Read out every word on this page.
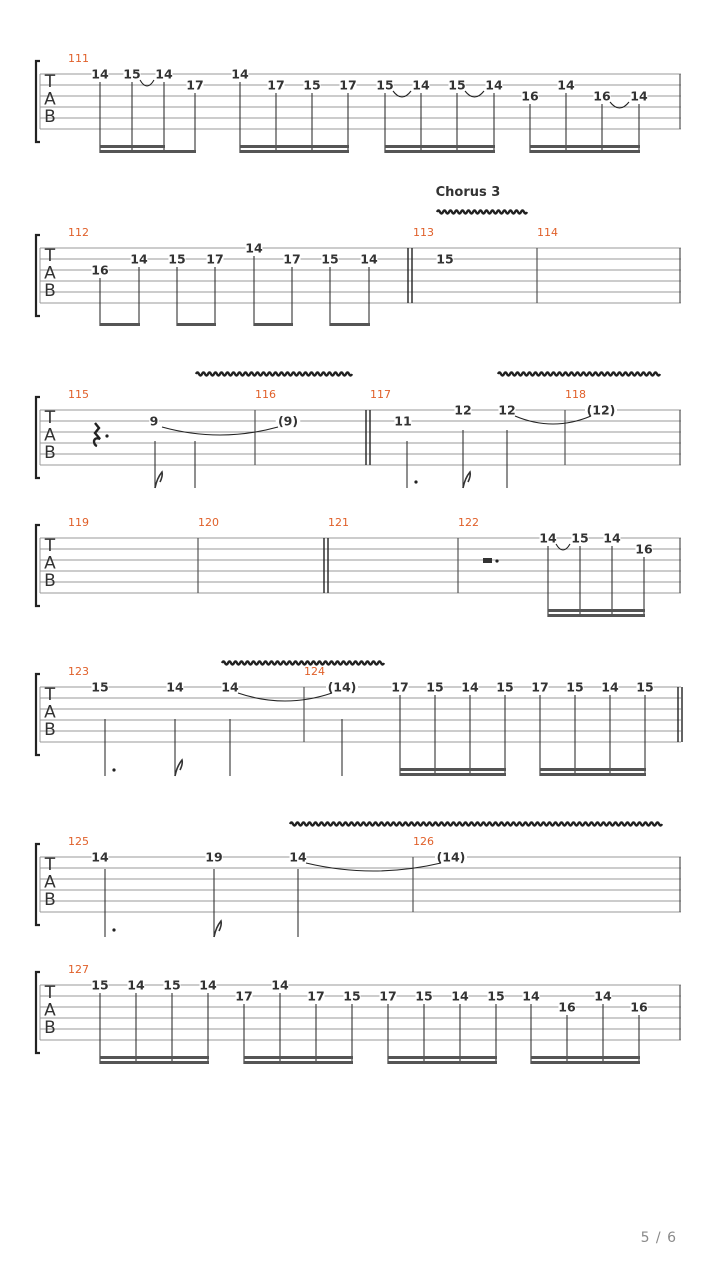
T
A
B
111
14 15 14
17
14
17 15 17 15 14 15 14
16
14
16 14
T
A
B
112	113	114
16
14 15 17
14
17 15 14	15
Chorus 3
T
A
B
115	116	117	118
9	(9)	11
12 12	(12)
T
A
B
119	120	121	122
14 15 14
16
T
A
B
123	124
15	14	14	(14)	17 15 14 15 17 15 14 15
T
A
B
125	126
14	19	14	(14)
T
A
B
127
15 14 15 14
17
14
17 15 17 15 14 15 14
16
14
16
5 / 6
